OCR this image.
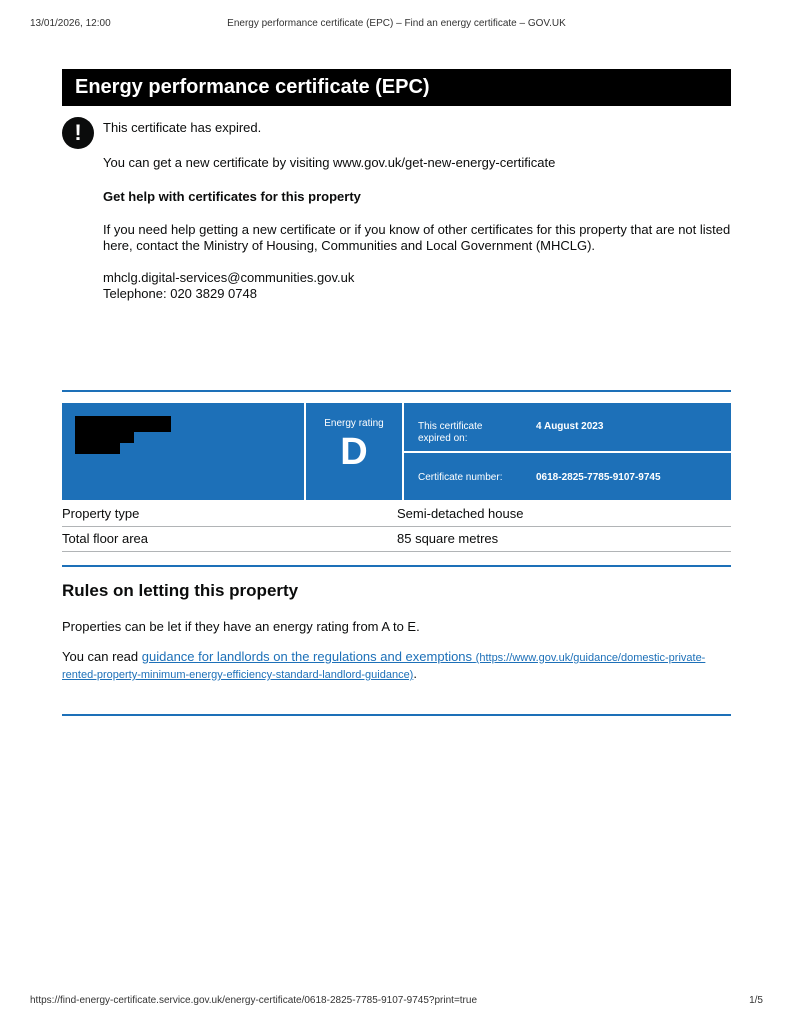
13/01/2026, 12:00	Energy performance certificate (EPC) – Find an energy certificate – GOV.UK
Energy performance certificate (EPC)
!	This certificate has expired.

You can get a new certificate by visiting www.gov.uk/get-new-energy-certificate

Get help with certificates for this property

If you need help getting a new certificate or if you know of other certificates for this property that are not listed here, contact the Ministry of Housing, Communities and Local Government (MHCLG).

mhclg.digital-services@communities.gov.uk
Telephone: 020 3829 0748

Energy rating
D
This certificate expired on:
4 August 2023
Certificate number:	0618-2825-7785-9107-9745
Property type	Semi-detached house
Total floor area	85 square metres
Rules on letting this property

Properties can be let if they have an energy rating from A to E.

You can read guidance for landlords on the regulations and exemptions (https://www.gov.uk/guidance/domestic-private-rented-property-minimum-energy-efficiency-standard-landlord-guidance).

https://find-energy-certificate.service.gov.uk/energy-certificate/0618-2825-7785-9107-9745?print=true	1/5
